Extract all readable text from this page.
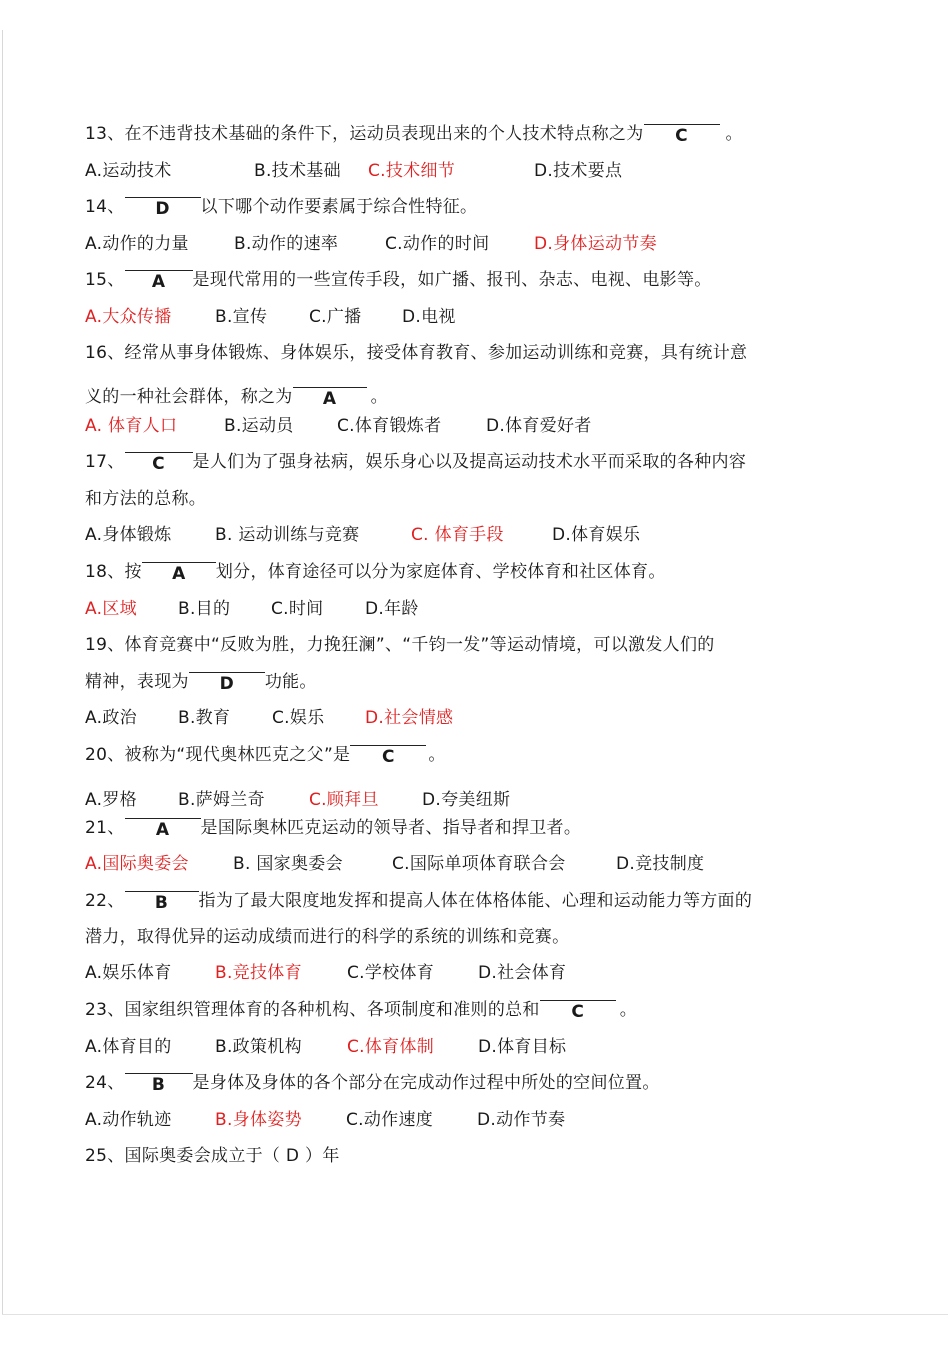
13、在不违背技术基础的条件下，运动员表现出来的个人技术特点称之为 C 。
A.运动技术	B.技术基础 C.技术细节	D.技术要点
14、 D 以下哪个动作要素属于综合性特征。
A.动作的力量	B.动作的速率	C.动作的时间	D.身体运动节奏
15、 A 是现代常用的一些宣传手段，如广播、报刊、杂志、电视、电影等。
A.大众传播	B.宣传 C.广播 D.电视
16、经常从事身体锻炼、身体娱乐，接受体育教育、参加运动训练和竞赛，具有统计意
义的一种社会群体，称之为 A 。
A. 体育人口	B.运动员	C.体育锻炼者	D.体育爱好者
17、 C 是人们为了强身祛病，娱乐身心以及提高运动技术水平而采取的各种内容
和方法的总称。
A.身体锻炼	B. 运动训练与竞赛	C. 体育手段	D.体育娱乐
18、按 A 划分，体育途径可以分为家庭体育、学校体育和社区体育。
A.区域 B.目的 C.时间 D.年龄
19、体育竞赛中“反败为胜，力挽狂澜”、“千钧一发”等运动情境，可以激发人们的
精神，表现为 D 功能。
A.政治 B.教育 C.娱乐 D.社会情感
20、被称为“现代奥林匹克之父”是 C 。
A.罗格 B.萨姆兰奇	C.顾拜旦	D.夸美纽斯
21、 A 是国际奥林匹克运动的领导者、指导者和捍卫者。
A.国际奥委会	B. 国家奥委会	C.国际单项体育联合会	D.竞技制度
22、 B 指为了最大限度地发挥和提高人体在体格体能、心理和运动能力等方面的
潜力，取得优异的运动成绩而进行的科学的系统的训练和竞赛。
A.娱乐体育	B.竞技体育	C.学校体育	D.社会体育
23、国家组织管理体育的各种机构、各项制度和准则的总和 C 。
A.体育目的	B.政策机构	C.体育体制	D.体育目标
24、 B 是身体及身体的各个部分在完成动作过程中所处的空间位置。
A.动作轨迹	B.身体姿势	C.动作速度	D.动作节奏
25、国际奥委会成立于（ D ）年
